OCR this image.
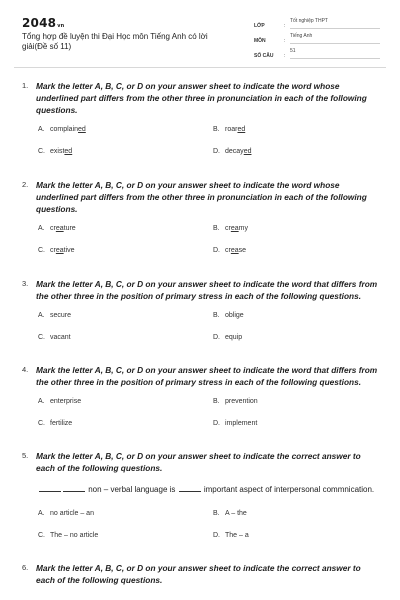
2048vn
Tổng hợp đề luyện thi Đại Học môn Tiếng Anh có lời giải(Đề số 11)
LỚP	:
Tốt nghiệp THPT
MÔN	:
Tiếng Anh
SỐ CÂU	:
51
1. Mark the letter A, B, C, or D on your answer sheet to indicate the word whose underlined part differs from the other three in pronunciation in each of the following questions.
A. complained	B. roared
C. existed	D. decayed
2. Mark the letter A, B, C, or D on your answer sheet to indicate the word whose underlined part differs from the other three in pronunciation in each of the following questions.
A. creature	B. creamy
C. creative	D. crease
3. Mark the letter A, B, C, or D on your answer sheet to indicate the word that differs from the other three in the position of primary stress in each of the following questions.
A. secure	B. oblige
C. vacant	D. equip
4. Mark the letter A, B, C, or D on your answer sheet to indicate the word that differs from the other three in the position of primary stress in each of the following questions.
A. enterprise	B. prevention
C. fertilize	D. implement
5. Mark the letter A, B, C, or D on your answer sheet to indicate the correct answer to each of the following questions.
non – verbal language is	important aspect of interpersonal commnication.
A. no article – an	B. A – the
C. The – no article	D. The – a
6. Mark the letter A, B, C, or D on your answer sheet to indicate the correct answer to each of the following questions.
